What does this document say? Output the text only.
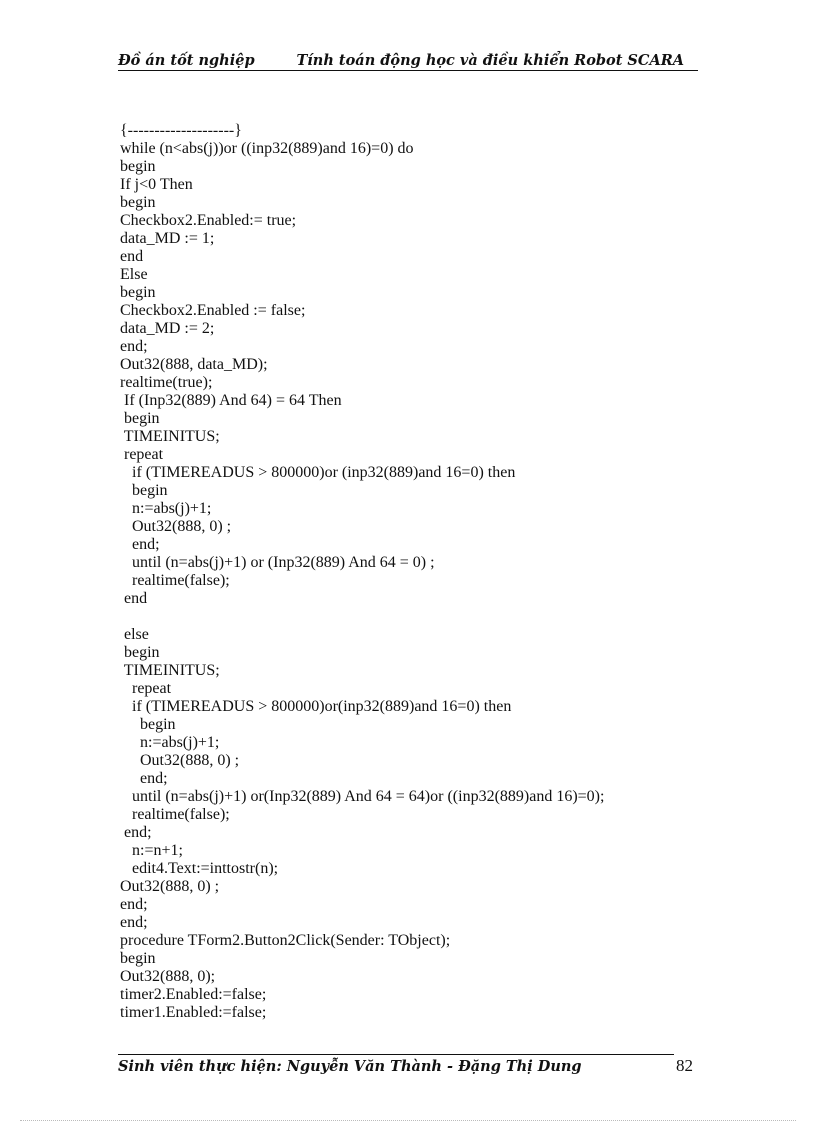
Đồ án tốt nghiệp	Tính toán động học và điều khiển Robot SCARA
{--------------------}
while (n<abs(j))or ((inp32(889)and 16)=0) do
begin
If j<0 Then
begin
Checkbox2.Enabled:= true;
data_MD := 1;
end
Else
begin
Checkbox2.Enabled := false;
data_MD := 2;
end;
Out32(888, data_MD);
realtime(true);
If (Inp32(889) And 64) = 64 Then
begin
TIMEINITUS;
repeat
if (TIMEREADUS > 800000)or (inp32(889)and 16=0) then
begin
n:=abs(j)+1;
Out32(888, 0) ;
end;
until (n=abs(j)+1) or (Inp32(889) And 64 = 0) ;
realtime(false);
end
else
begin
TIMEINITUS;
repeat
if (TIMEREADUS > 800000)or(inp32(889)and 16=0) then
begin
n:=abs(j)+1;
Out32(888, 0) ;
end;
until (n=abs(j)+1) or(Inp32(889) And 64 = 64)or ((inp32(889)and 16)=0);
realtime(false);
end;
n:=n+1;
edit4.Text:=inttostr(n);
Out32(888, 0) ;
end;
end;
procedure TForm2.Button2Click(Sender: TObject);
begin
Out32(888, 0);
timer2.Enabled:=false;
timer1.Enabled:=false;
Sinh viên thực hiện: Nguyễn Văn Thành - Đặng Thị Dung	82
